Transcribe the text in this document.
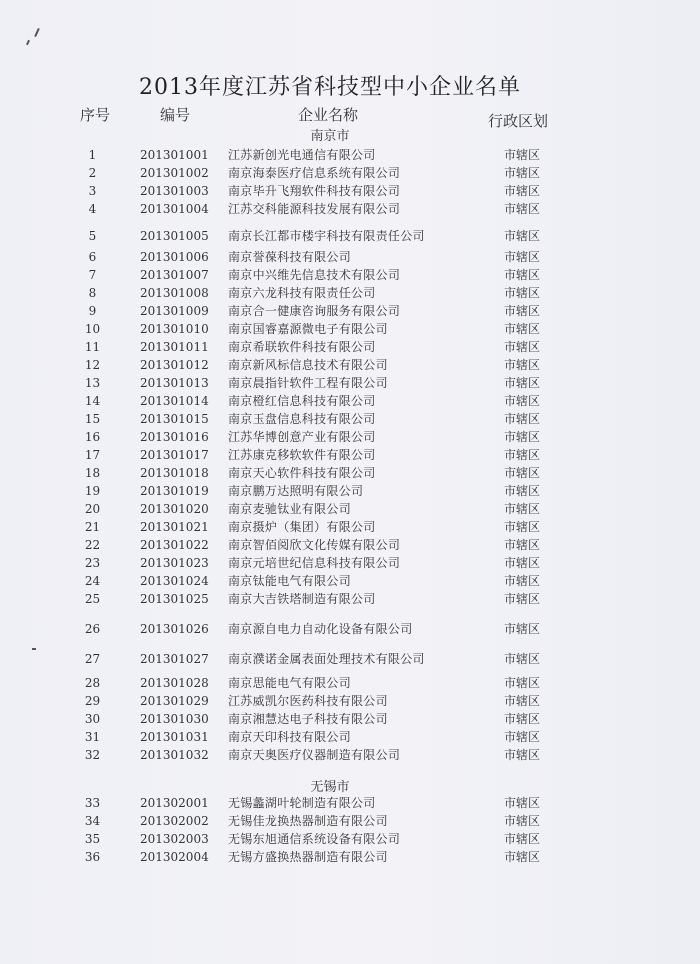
2013年度江苏省科技型中小企业名单
序号	编号	企业名称	行政区划
南京市
1	201301001 江苏新创光电通信有限公司	市辖区
2	201301002 南京海泰医疗信息系统有限公司	市辖区
3	201301003 南京毕升飞翔软件科技有限公司	市辖区
4	201301004 江苏交科能源科技发展有限公司	市辖区
5	201301005 南京长江都市楼宇科技有限责任公司	市辖区
6	201301006 南京誉葆科技有限公司	市辖区
7	201301007 南京中兴维先信息技术有限公司	市辖区
8	201301008 南京六龙科技有限责任公司	市辖区
9	201301009 南京合一健康咨询服务有限公司	市辖区
10	201301010 南京国睿嘉源微电子有限公司	市辖区
11	201301011 南京希联软件科技有限公司	市辖区
12	201301012 南京新风标信息技术有限公司	市辖区
13	201301013 南京晨指针软件工程有限公司	市辖区
14	201301014 南京橙红信息科技有限公司	市辖区
15	201301015 南京玉盘信息科技有限公司	市辖区
16	201301016 江苏华博创意产业有限公司	市辖区
17	201301017 江苏康克移软软件有限公司	市辖区
18	201301018 南京天心软件科技有限公司	市辖区
19	201301019 南京鹏万达照明有限公司	市辖区
20	201301020 南京麦驰钛业有限公司	市辖区
21	201301021 南京摄炉（集团）有限公司	市辖区
22	201301022 南京智佰阅欣文化传媒有限公司	市辖区
23	201301023 南京元培世纪信息科技有限公司	市辖区
24	201301024 南京钛能电气有限公司	市辖区
25	201301025 南京大吉铁塔制造有限公司	市辖区
26	201301026 南京源自电力自动化设备有限公司	市辖区
27	201301027 南京濮诺金属表面处理技术有限公司	市辖区
28	201301028 南京思能电气有限公司	市辖区
29	201301029 江苏威凯尔医药科技有限公司	市辖区
30	201301030 南京湘慧达电子科技有限公司	市辖区
31	201301031 南京天印科技有限公司	市辖区
32	201301032 南京天奥医疗仪器制造有限公司	市辖区
无锡市
33	201302001 无锡蠡湖叶轮制造有限公司	市辖区
34	201302002 无锡佳龙换热器制造有限公司	市辖区
35	201302003 无锡东旭通信系统设备有限公司	市辖区
36	201302004 无锡方盛换热器制造有限公司	市辖区
